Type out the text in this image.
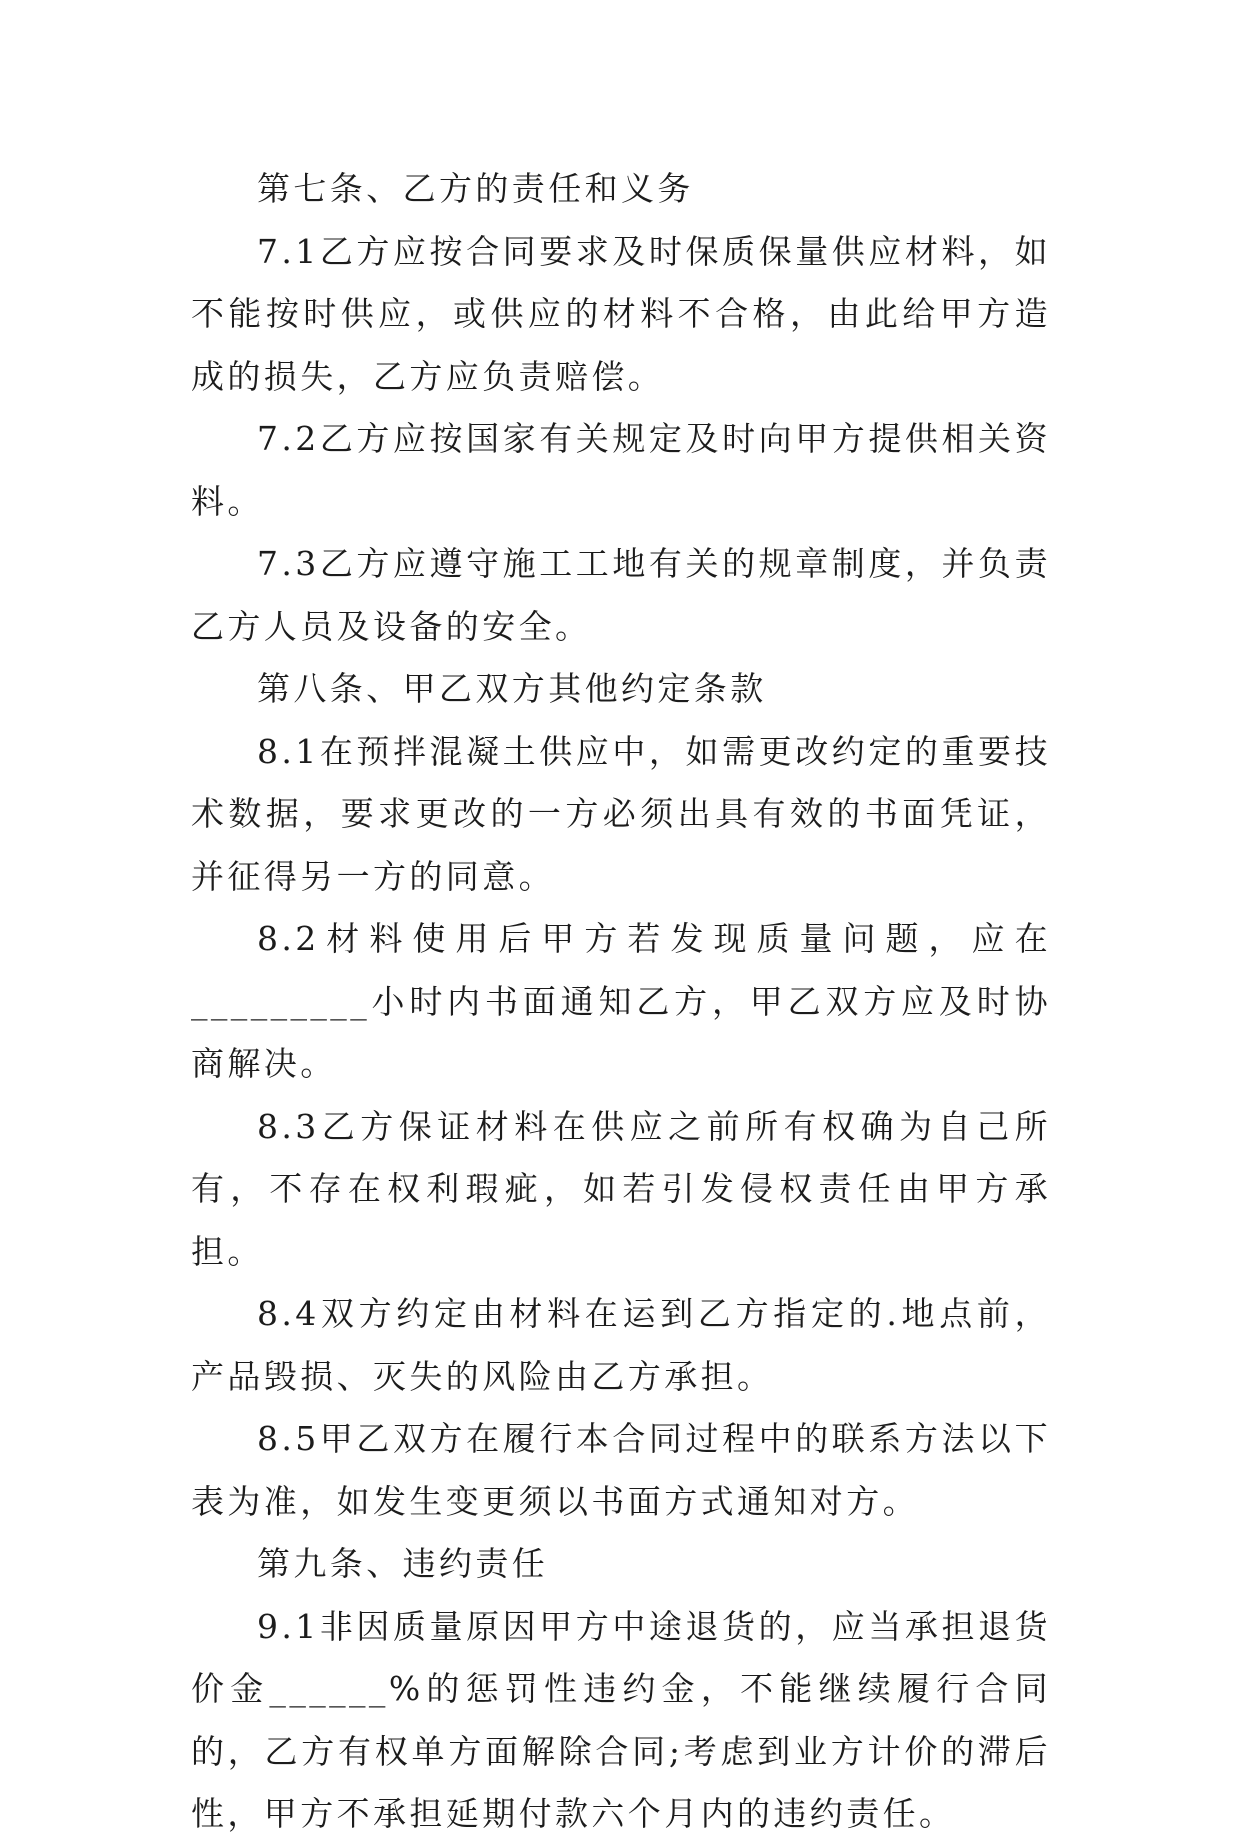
第七条、乙方的责任和义务

7.1乙方应按合同要求及时保质保量供应材料，如不能按时供应，或供应的材料不合格，由此给甲方造成的损失，乙方应负责赔偿。

7.2乙方应按国家有关规定及时向甲方提供相关资料。

7.3乙方应遵守施工工地有关的规章制度，并负责乙方人员及设备的安全。

第八条、甲乙双方其他约定条款

8.1在预拌混凝土供应中，如需更改约定的重要技术数据，要求更改的一方必须出具有效的书面凭证，并征得另一方的同意。

8.2材料使用后甲方若发现质量问题，应在_________小时内书面通知乙方，甲乙双方应及时协商解决。

8.3乙方保证材料在供应之前所有权确为自己所有，不存在权利瑕疵，如若引发侵权责任由甲方承担。

8.4双方约定由材料在运到乙方指定的.地点前，产品毁损、灭失的风险由乙方承担。

8.5甲乙双方在履行本合同过程中的联系方法以下表为准，如发生变更须以书面方式通知对方。

第九条、违约责任

9.1非因质量原因甲方中途退货的，应当承担退货价金______%的惩罚性违约金，不能继续履行合同的，乙方有权单方面解除合同;考虑到业方计价的滞后性，甲方不承担延期付款六个月内的违约责任。
